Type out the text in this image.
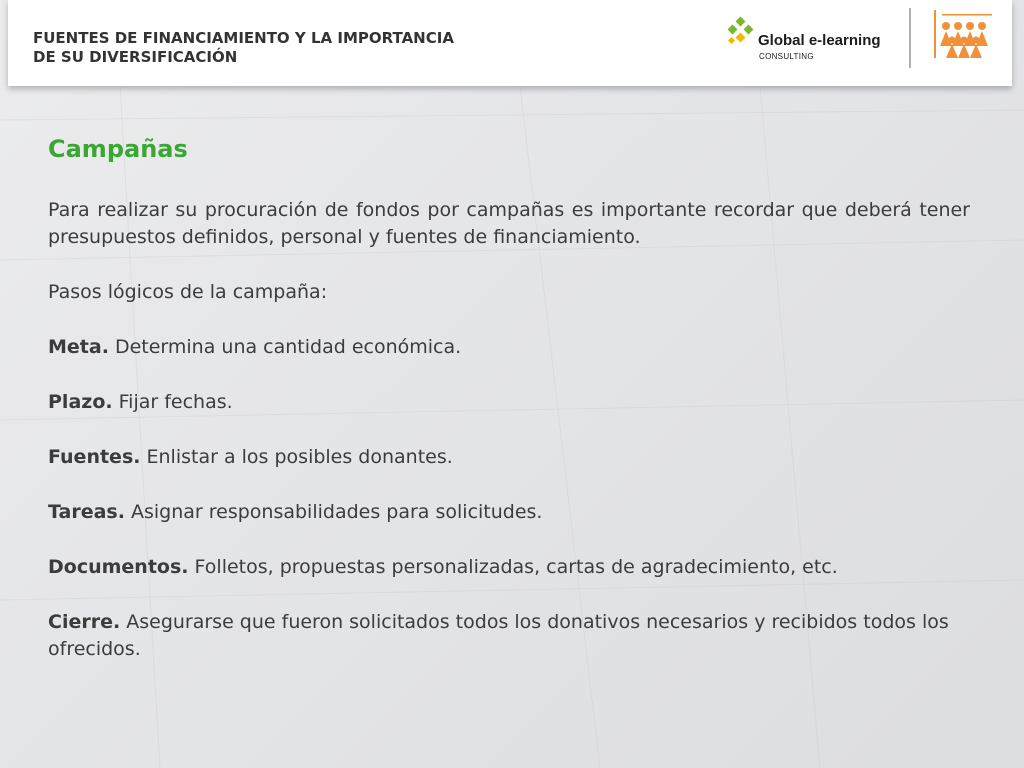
FUENTES DE FINANCIAMIENTO Y LA IMPORTANCIA
DE SU DIVERSIFICACIÓN
Global e-learning
CONSULTING
Campañas
Para realizar su procuración de fondos por campañas es importante recordar que deberá tener presupuestos definidos, personal y fuentes de financiamiento.
Pasos lógicos de la campaña:
Meta. Determina una cantidad económica.
Plazo. Fijar fechas.
Fuentes. Enlistar a los posibles donantes.
Tareas. Asignar responsabilidades para solicitudes.
Documentos. Folletos, propuestas personalizadas, cartas de agradecimiento, etc.
Cierre. Asegurarse que fueron solicitados todos los donativos necesarios y recibidos todos los ofrecidos.
